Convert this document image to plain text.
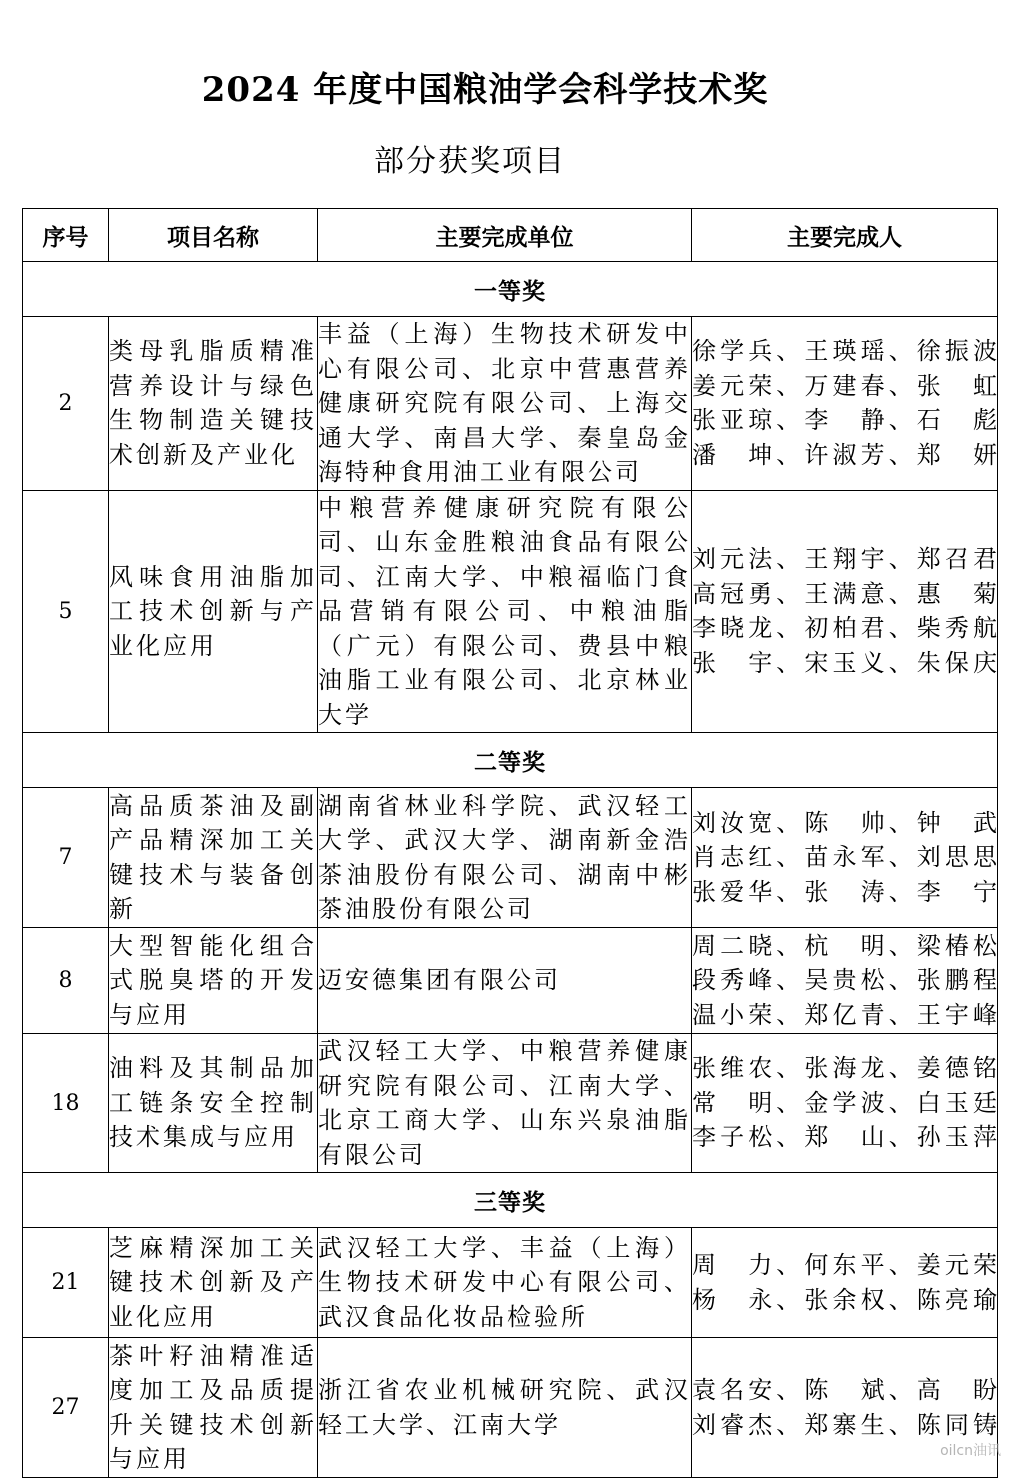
2024 年度中国粮油学会科学技术奖
部分获奖项目
序号	项目名称	主要完成单位	主要完成人
一等奖			
2	类母乳脂质精准营养设计与绿色生物制造关键技术创新及产业化	丰益（上海）生物技术研发中心有限公司、北京中营惠营养健康研究院有限公司、上海交通大学、南昌大学、秦皇岛金海特种食用油工业有限公司	徐学兵、王瑛瑶、徐振波
姜元荣、万建春、张　虹
张亚琼、李　静、石　彪
潘　坤、许淑芳、郑　妍

5	风味食用油脂加工技术创新与产业化应用	中粮营养健康研究院有限公司、山东金胜粮油食品有限公司、江南大学、中粮福临门食品营销有限公司、中粮油脂（广元）有限公司、费县中粮油脂工业有限公司、北京林业大学	刘元法、王翔宇、郑召君
高冠勇、王满意、惠　菊
李晓龙、初柏君、柴秀航
张　宇、宋玉义、朱保庆

二等奖			
7	高品质茶油及副产品精深加工关键技术与装备创新	湖南省林业科学院、武汉轻工大学、武汉大学、湖南新金浩茶油股份有限公司、湖南中彬茶油股份有限公司	刘汝宽、陈　帅、钟　武
肖志红、苗永军、刘思思
张爱华、张　涛、李　宁

8	大型智能化组合式脱臭塔的开发与应用	迈安德集团有限公司	周二晓、杭　明、梁椿松
段秀峰、吴贵松、张鹏程
温小荣、郑亿青、王宇峰

18	油料及其制品加工链条安全控制技术集成与应用	武汉轻工大学、中粮营养健康研究院有限公司、江南大学、北京工商大学、山东兴泉油脂有限公司	张维农、张海龙、姜德铭
常　明、金学波、白玉廷
李子松、郑　山、孙玉萍

三等奖			
21	芝麻精深加工关键技术创新及产业化应用	武汉轻工大学、丰益（上海）生物技术研发中心有限公司、武汉食品化妆品检验所	周　力、何东平、姜元荣
杨　永、张余权、陈亮瑜

27	茶叶籽油精准适度加工及品质提升关键技术创新与应用	浙江省农业机械研究院、武汉轻工大学、江南大学	袁名安、陈　斌、高　盼
刘睿杰、郑寨生、陈同铸
oilcn油讯
